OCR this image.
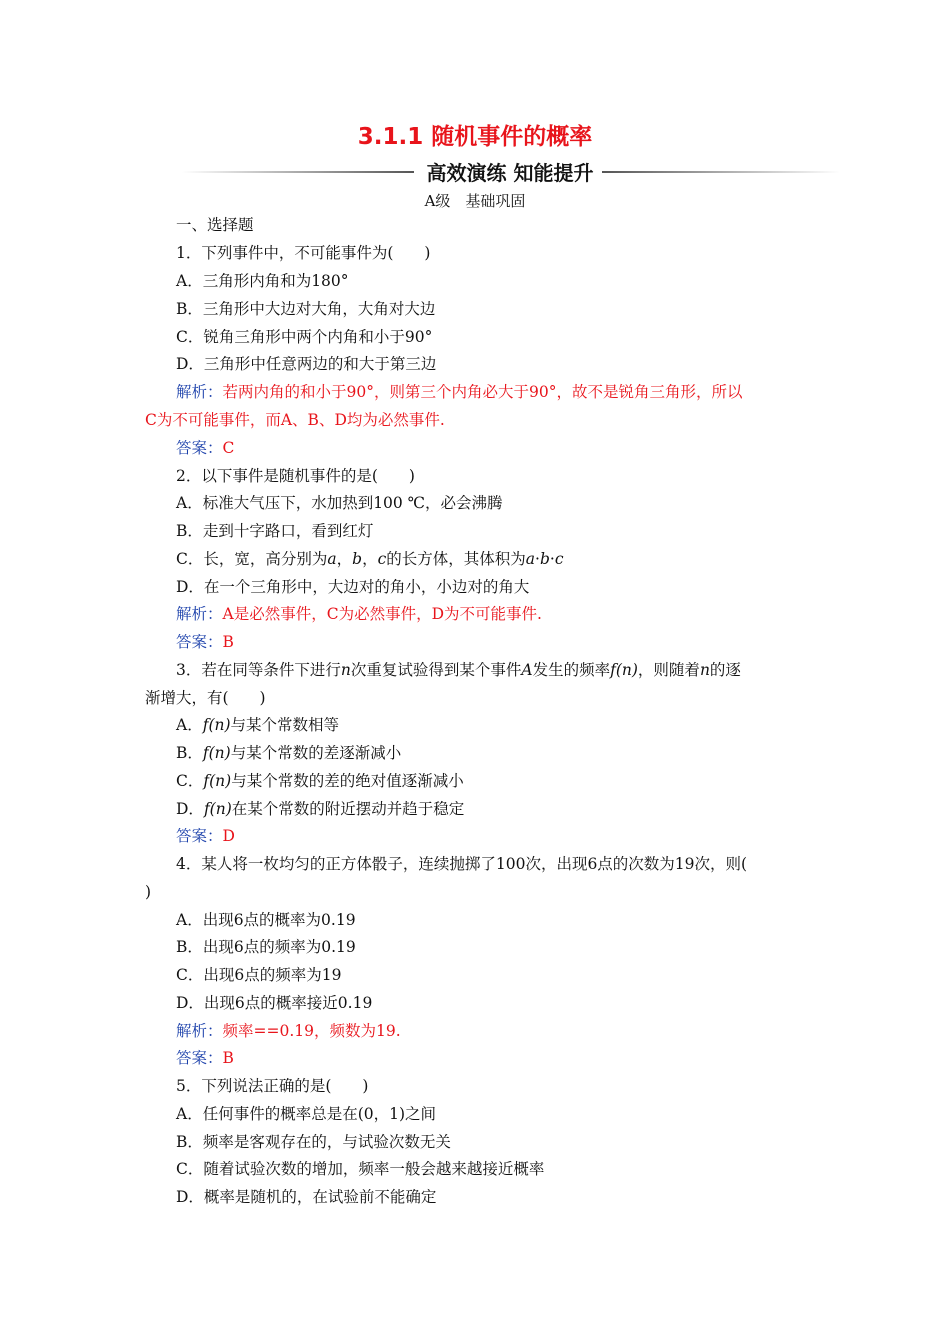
3.1.1 随机事件的概率
高效演练 知能提升
A级　基础巩固
一、选择题
1．下列事件中，不可能事件为(　　)
A．三角形内角和为180°
B．三角形中大边对大角，大角对大边
C．锐角三角形中两个内角和小于90°
D．三角形中任意两边的和大于第三边
解析：若两内角的和小于90°，则第三个内角必大于90°，故不是锐角三角形，所以
C为不可能事件，而A、B、D均为必然事件.
答案：C
2．以下事件是随机事件的是(　　)
A．标准大气压下，水加热到100 ℃，必会沸腾
B．走到十字路口，看到红灯
C．长，宽，高分别为a，b，c的长方体，其体积为a·b·c
D．在一个三角形中，大边对的角小，小边对的角大
解析：A是必然事件，C为必然事件，D为不可能事件.
答案：B
3．若在同等条件下进行n次重复试验得到某个事件A发生的频率f(n)，则随着n的逐
渐增大，有(　　)
A．f(n)与某个常数相等
B．f(n)与某个常数的差逐渐减小
C．f(n)与某个常数的差的绝对值逐渐减小
D．f(n)在某个常数的附近摆动并趋于稳定
答案：D
4．某人将一枚均匀的正方体骰子，连续抛掷了100次，出现6点的次数为19次，则(
)
A．出现6点的概率为0.19
B．出现6点的频率为0.19
C．出现6点的频率为19
D．出现6点的概率接近0.19
解析：频率==0.19，频数为19.
答案：B
5．下列说法正确的是(　　)
A．任何事件的概率总是在(0，1)之间
B．频率是客观存在的，与试验次数无关
C．随着试验次数的增加，频率一般会越来越接近概率
D．概率是随机的，在试验前不能确定
